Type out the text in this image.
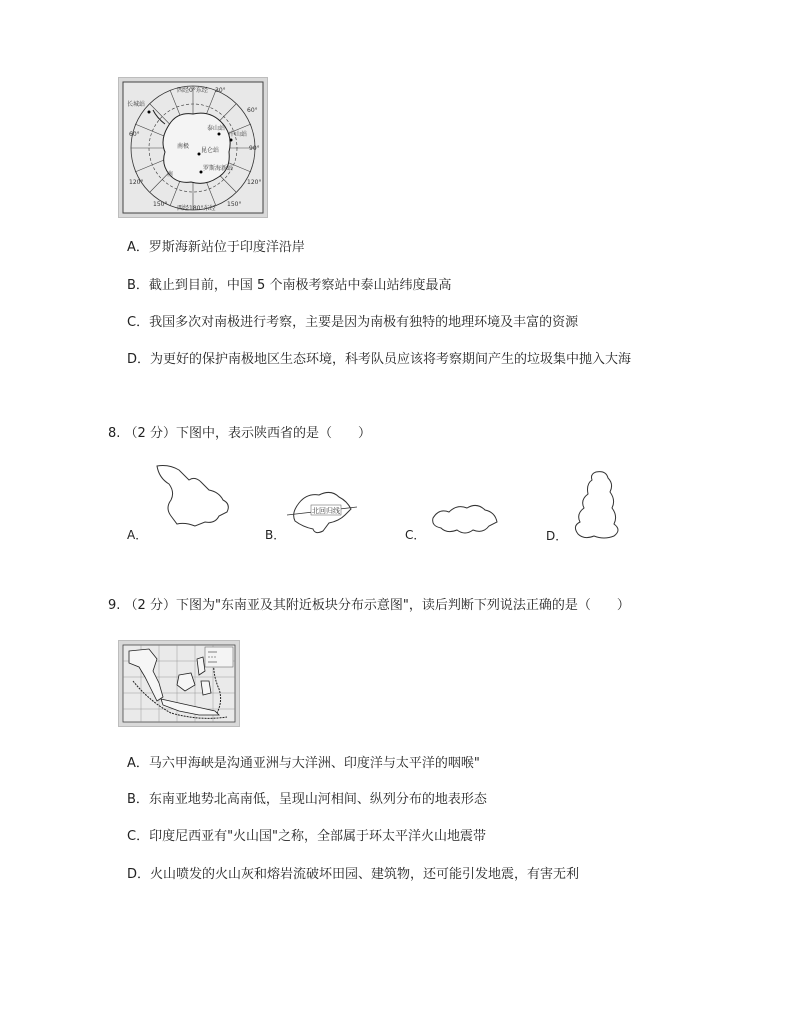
西经0°东经
西经180°东经
长城站
泰山站
中山站
昆仑站
罗斯海新站
南极
南
30°
60°
60°
90°
120°	120°
150°	150°
A．罗斯海新站位于印度洋沿岸
B．截止到目前，中国 5 个南极考察站中泰山站纬度最高
C．我国多次对南极进行考察，主要是因为南极有独特的地理环境及丰富的资源
D．为更好的保护南极地区生态环境，科考队员应该将考察期间产生的垃圾集中抛入大海
8. （2 分）下图中，表示陕西省的是（　　）
A．	B．
北回归线
C．	D．
9. （2 分）下图为"东南亚及其附近板块分布示意图"，读后判断下列说法正确的是（　　）
A．马六甲海峡是沟通亚洲与大洋洲、印度洋与太平洋的咽喉"
B．东南亚地势北高南低，呈现山河相间、纵列分布的地表形态
C．印度尼西亚有"火山国"之称，全部属于环太平洋火山地震带
D．火山喷发的火山灰和熔岩流破坏田园、建筑物，还可能引发地震，有害无利
